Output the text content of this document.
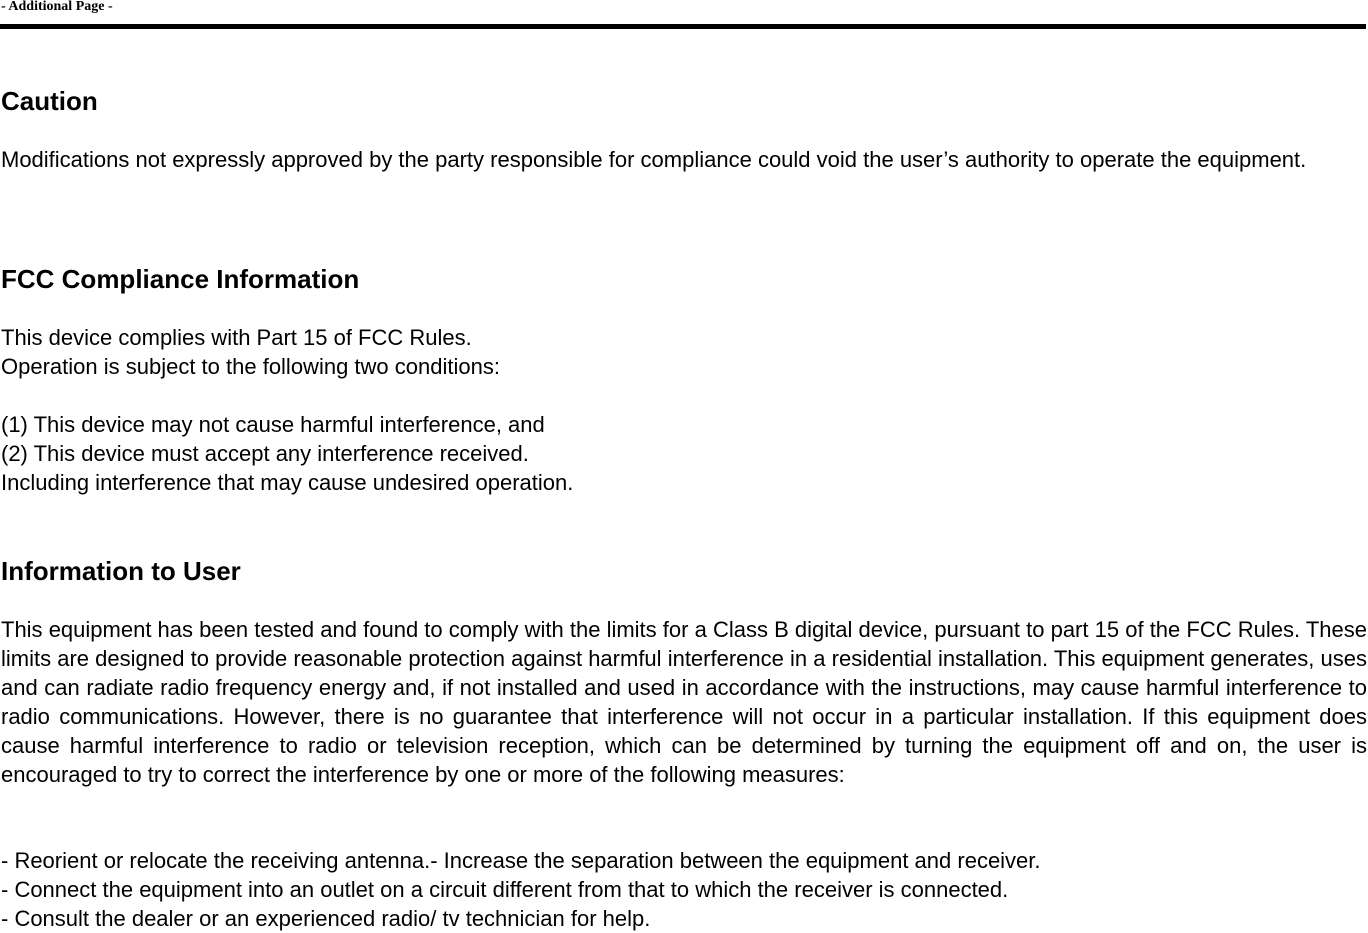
- Additional Page -
Caution

Modifications not expressly approved by the party responsible for compliance could void the user’s authority to operate the equipment.

FCC Compliance Information

This device complies with Part 15 of FCC Rules.
Operation is subject to the following two conditions:

(1) This device may not cause harmful interference, and
(2) This device must accept any interference received.
Including interference that may cause undesired operation.

Information to User

This equipment has been tested and found to comply with the limits for a Class B digital device, pursuant to part 15 of the FCC Rules. These limits are designed to provide reasonable protection against harmful interference in a residential installation. This equipment generates, uses and can radiate radio frequency energy and, if not installed and used in accordance with the instructions, may cause harmful interference to radio communications. However, there is no guarantee that interference will not occur in a particular installation. If this equipment does cause harmful interference to radio or television reception, which can be determined by turning the equipment off and on, the user is encouraged to try to correct the interference by one or more of the following measures:

- Reorient or relocate the receiving antenna.- Increase the separation between the equipment and receiver.
- Connect the equipment into an outlet on a circuit different from that to which the receiver is connected.
- Consult the dealer or an experienced radio/ tv technician for help.
